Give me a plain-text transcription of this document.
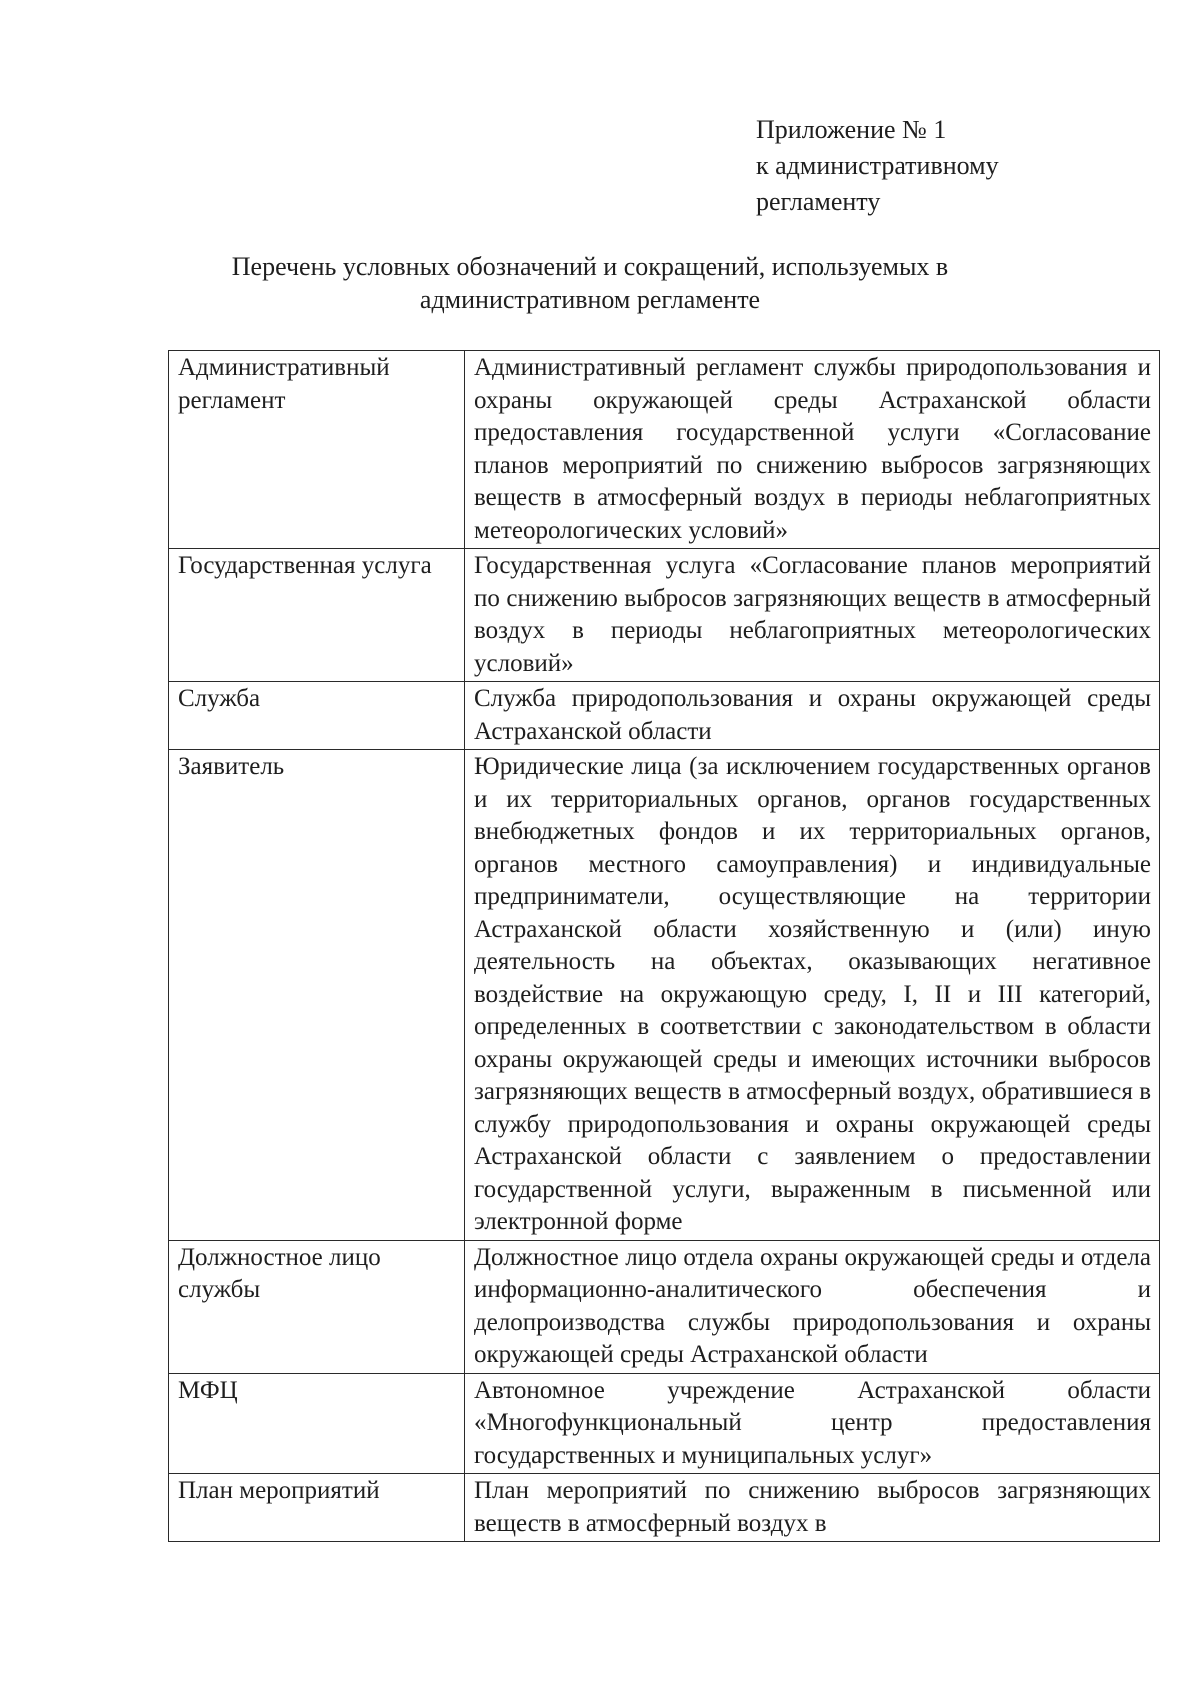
Приложение № 1
к административному
регламенту
Перечень условных обозначений и сокращений, используемых в
административном регламенте
Административный регламент	Административный регламент службы природопользования и охраны окружающей среды Астраханской области предоставления государственной услуги «Согласование планов мероприятий по снижению выбросов загрязняющих веществ в атмосферный воздух в периоды неблагоприятных метеорологических условий»
Государственная услуга	Государственная услуга «Согласование планов мероприятий по снижению выбросов загрязняющих веществ в атмосферный воздух в периоды неблагоприятных метеорологических условий»
Служба	Служба природопользования и охраны окружающей среды Астраханской области
Заявитель	Юридические лица (за исключением государственных органов и их территориальных органов, органов государственных внебюджетных фондов и их территориальных органов, органов местного самоуправления) и индивидуальные предприниматели, осуществляющие на территории Астраханской области хозяйственную и (или) иную деятельность на объектах, оказывающих негативное воздействие на окружающую среду, I, II и III категорий, определенных в соответствии с законодательством в области охраны окружающей среды и имеющих источники выбросов загрязняющих веществ в атмосферный воздух, обратившиеся в службу природопользования и охраны окружающей среды Астраханской области с заявлением о предоставлении государственной услуги, выраженным в письменной или электронной форме
Должностное лицо службы	Должностное лицо отдела охраны окружающей среды и отдела информационно-аналитического обеспечения и делопроизводства службы природопользования и охраны окружающей среды Астраханской области
МФЦ	Автономное учреждение Астраханской области «Многофункциональный центр предоставления государственных и муниципальных услуг»
План мероприятий	План мероприятий по снижению выбросов загрязняющих веществ в атмосферный воздух в
